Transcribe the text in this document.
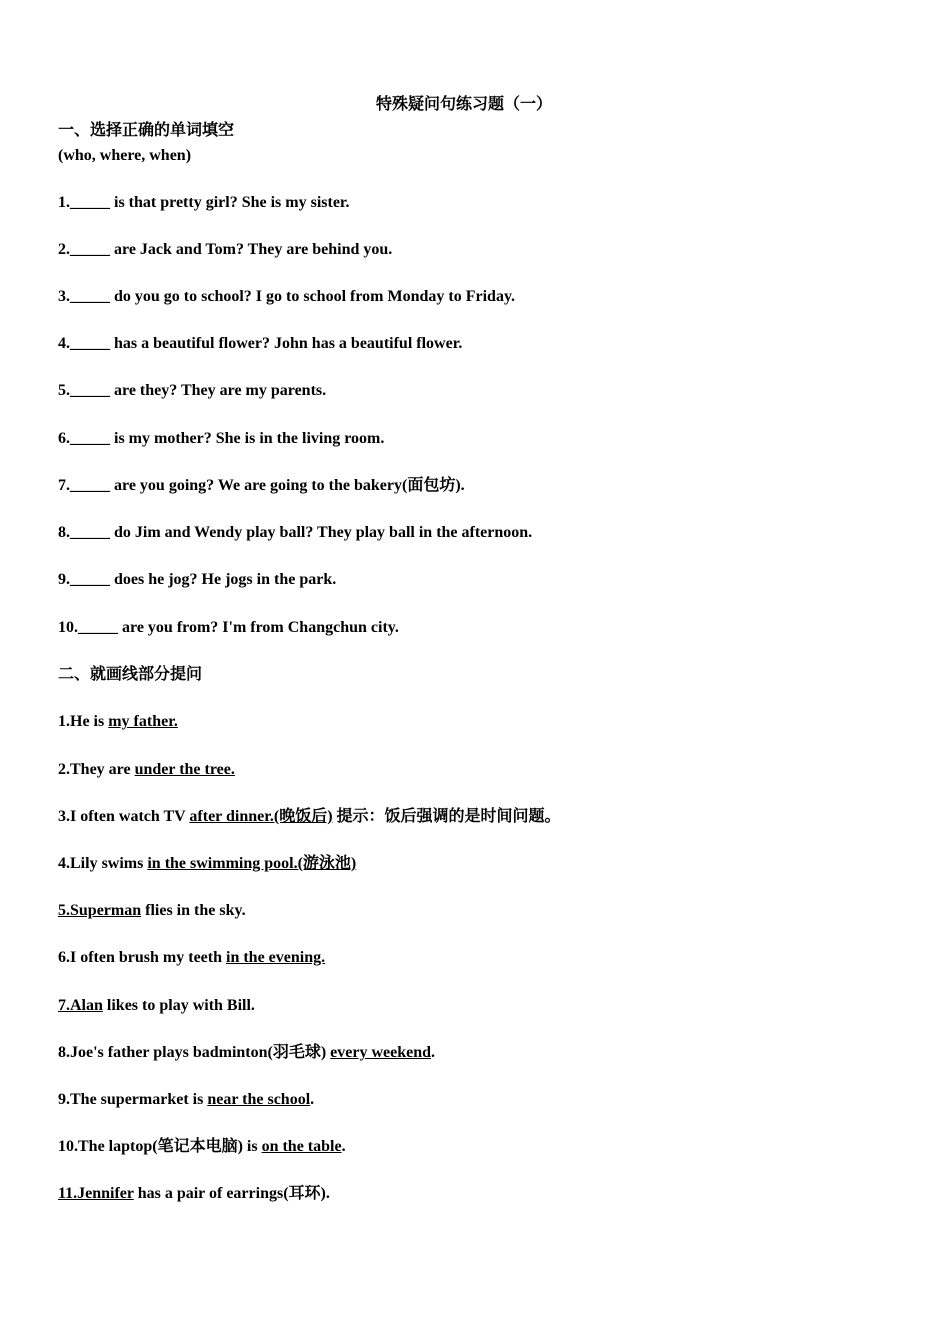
特殊疑问句练习题（一）
一、选择正确的单词填空
(who, where, when)
1._____ is that pretty girl? She is my sister.
2._____ are Jack and Tom? They are behind you.
3._____ do you go to school? I go to school from Monday to Friday.
4._____ has a beautiful flower? John has a beautiful flower.
5._____ are they? They are my parents.
6._____ is my mother? She is in the living room.
7._____ are you going? We are going to the bakery(面包坊).
8._____ do Jim and Wendy play ball? They play ball in the afternoon.
9._____ does he jog? He jogs in the park.
10._____ are you from? I'm from Changchun city.
二、就画线部分提问
1.He is my father.
2.They are under the tree.
3.I often watch TV after dinner.(晚饭后) 提示：饭后强调的是时间问题。
4.Lily swims in the swimming pool.(游泳池)
5.Superman flies in the sky.
6.I often brush my teeth in the evening.
7.Alan likes to play with Bill.
8.Joe's father plays badminton(羽毛球) every weekend.
9.The supermarket is near the school.
10.The laptop(笔记本电脑) is on the table.
11.Jennifer has a pair of earrings(耳环).
